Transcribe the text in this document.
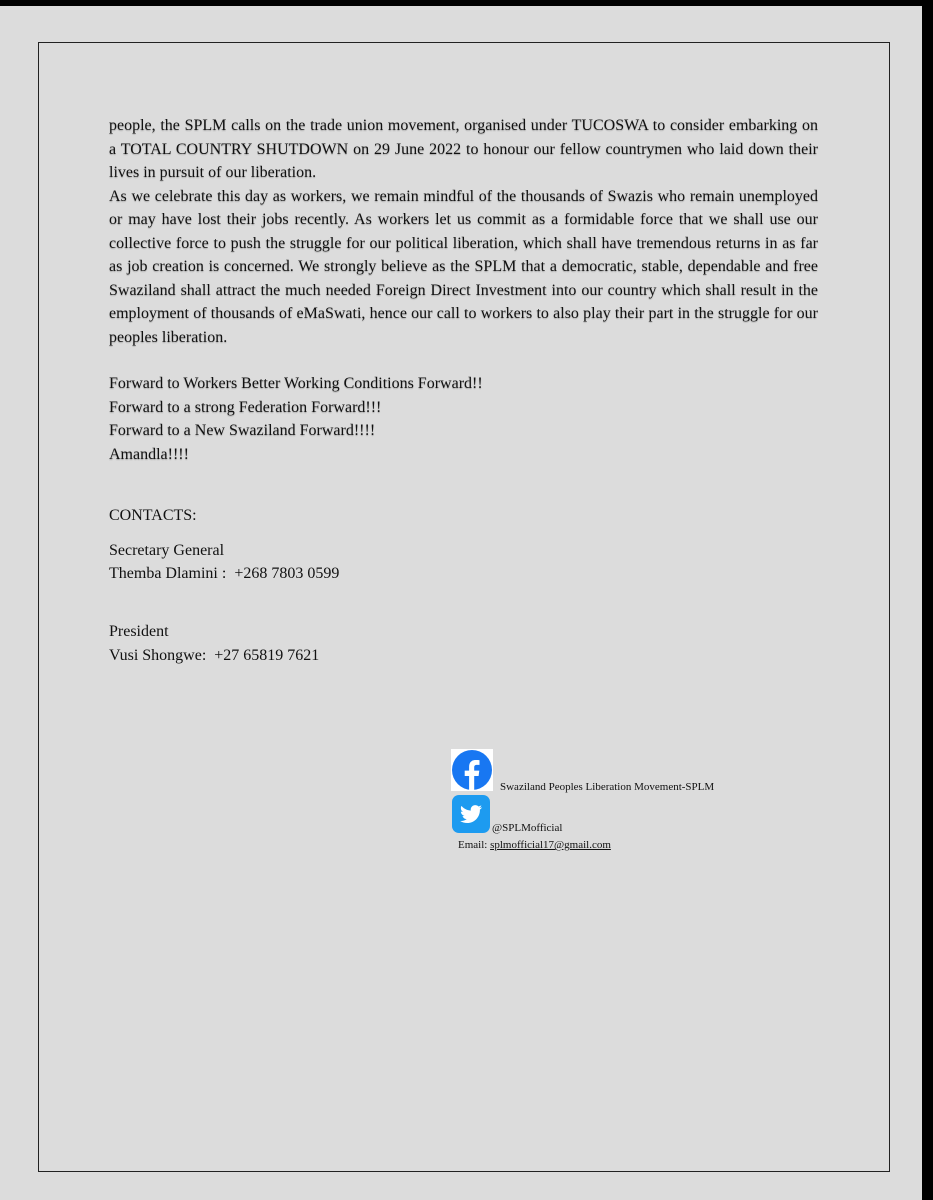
people, the SPLM calls on the trade union movement, organised under TUCOSWA to consider embarking on a TOTAL COUNTRY SHUTDOWN on 29 June 2022 to honour our fellow countrymen who laid down their lives in pursuit of our liberation.

As we celebrate this day as workers, we remain mindful of the thousands of Swazis who remain unemployed or may have lost their jobs recently. As workers let us commit as a formidable force that we shall use our collective force to push the struggle for our political liberation, which shall have tremendous returns in as far as job creation is concerned. We strongly believe as the SPLM that a democratic, stable, dependable and free Swaziland shall attract the much needed Foreign Direct Investment into our country which shall result in the employment of thousands of eMaSwati, hence our call to workers to also play their part in the struggle for our peoples liberation.

Forward to Workers Better Working Conditions Forward!!
Forward to a strong Federation Forward!!!
Forward to a New Swaziland Forward!!!!
Amandla!!!!
CONTACTS:
Secretary General
Themba Dlamini : +268 7803 0599
President
Vusi Shongwe: +27 65819 7621
Swaziland Peoples Liberation Movement-SPLM
@SPLMofficial
Email: splmofficial17@gmail.com
